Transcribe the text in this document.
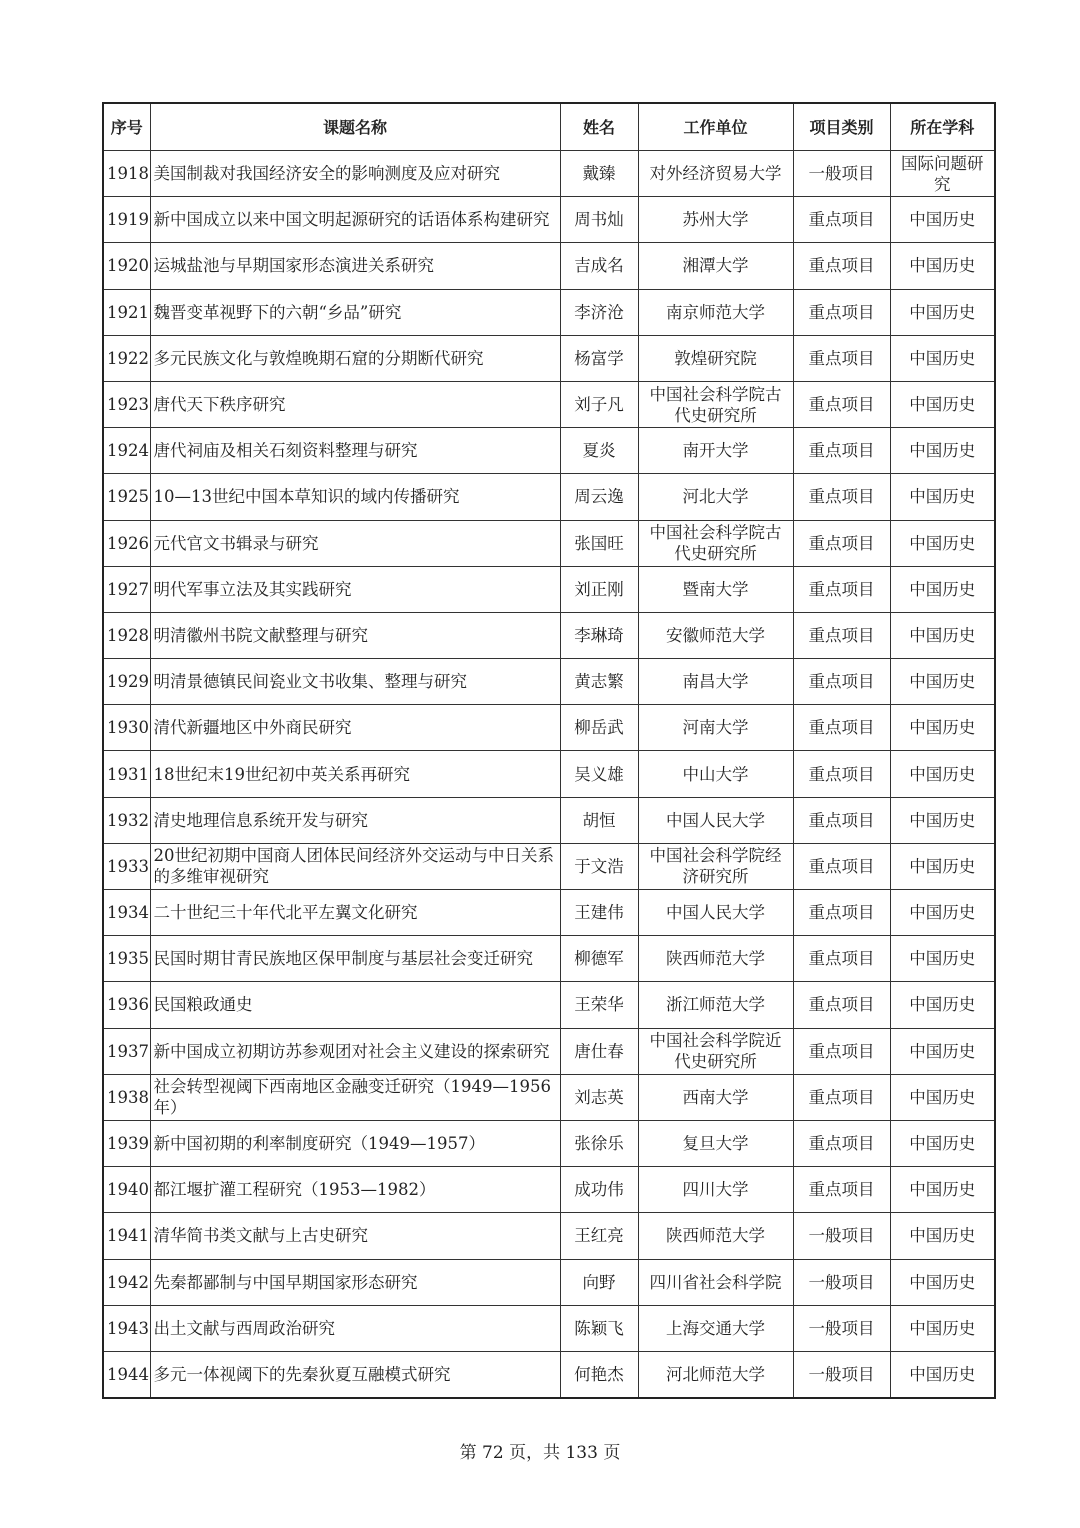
序号	课题名称	姓名	工作单位	项目类别	所在学科
1918	美国制裁对我国经济安全的影响测度及应对研究	戴臻	对外经济贸易大学	一般项目	国际问题研究
1919	新中国成立以来中国文明起源研究的话语体系构建研究	周书灿	苏州大学	重点项目	中国历史
1920	运城盐池与早期国家形态演进关系研究	吉成名	湘潭大学	重点项目	中国历史
1921	魏晋变革视野下的六朝“乡品”研究	李济沧	南京师范大学	重点项目	中国历史
1922	多元民族文化与敦煌晚期石窟的分期断代研究	杨富学	敦煌研究院	重点项目	中国历史
1923	唐代天下秩序研究	刘子凡	中国社会科学院古代史研究所	重点项目	中国历史
1924	唐代祠庙及相关石刻资料整理与研究	夏炎	南开大学	重点项目	中国历史
1925	10—13世纪中国本草知识的域内传播研究	周云逸	河北大学	重点项目	中国历史
1926	元代官文书辑录与研究	张国旺	中国社会科学院古代史研究所	重点项目	中国历史
1927	明代军事立法及其实践研究	刘正刚	暨南大学	重点项目	中国历史
1928	明清徽州书院文献整理与研究	李琳琦	安徽师范大学	重点项目	中国历史
1929	明清景德镇民间瓷业文书收集、整理与研究	黄志繁	南昌大学	重点项目	中国历史
1930	清代新疆地区中外商民研究	柳岳武	河南大学	重点项目	中国历史
1931	18世纪末19世纪初中英关系再研究	吴义雄	中山大学	重点项目	中国历史
1932	清史地理信息系统开发与研究	胡恒	中国人民大学	重点项目	中国历史
1933	20世纪初期中国商人团体民间经济外交运动与中日关系的多维审视研究	于文浩	中国社会科学院经济研究所	重点项目	中国历史
1934	二十世纪三十年代北平左翼文化研究	王建伟	中国人民大学	重点项目	中国历史
1935	民国时期甘青民族地区保甲制度与基层社会变迁研究	柳德军	陕西师范大学	重点项目	中国历史
1936	民国粮政通史	王荣华	浙江师范大学	重点项目	中国历史
1937	新中国成立初期访苏参观团对社会主义建设的探索研究	唐仕春	中国社会科学院近代史研究所	重点项目	中国历史
1938	社会转型视阈下西南地区金融变迁研究（1949—1956年）	刘志英	西南大学	重点项目	中国历史
1939	新中国初期的利率制度研究（1949—1957）	张徐乐	复旦大学	重点项目	中国历史
1940	都江堰扩灌工程研究（1953—1982）	成功伟	四川大学	重点项目	中国历史
1941	清华简书类文献与上古史研究	王红亮	陕西师范大学	一般项目	中国历史
1942	先秦都鄙制与中国早期国家形态研究	向野	四川省社会科学院	一般项目	中国历史
1943	出土文献与西周政治研究	陈颖飞	上海交通大学	一般项目	中国历史
1944	多元一体视阈下的先秦狄夏互融模式研究	何艳杰	河北师范大学	一般项目	中国历史
第 72 页，共 133 页
